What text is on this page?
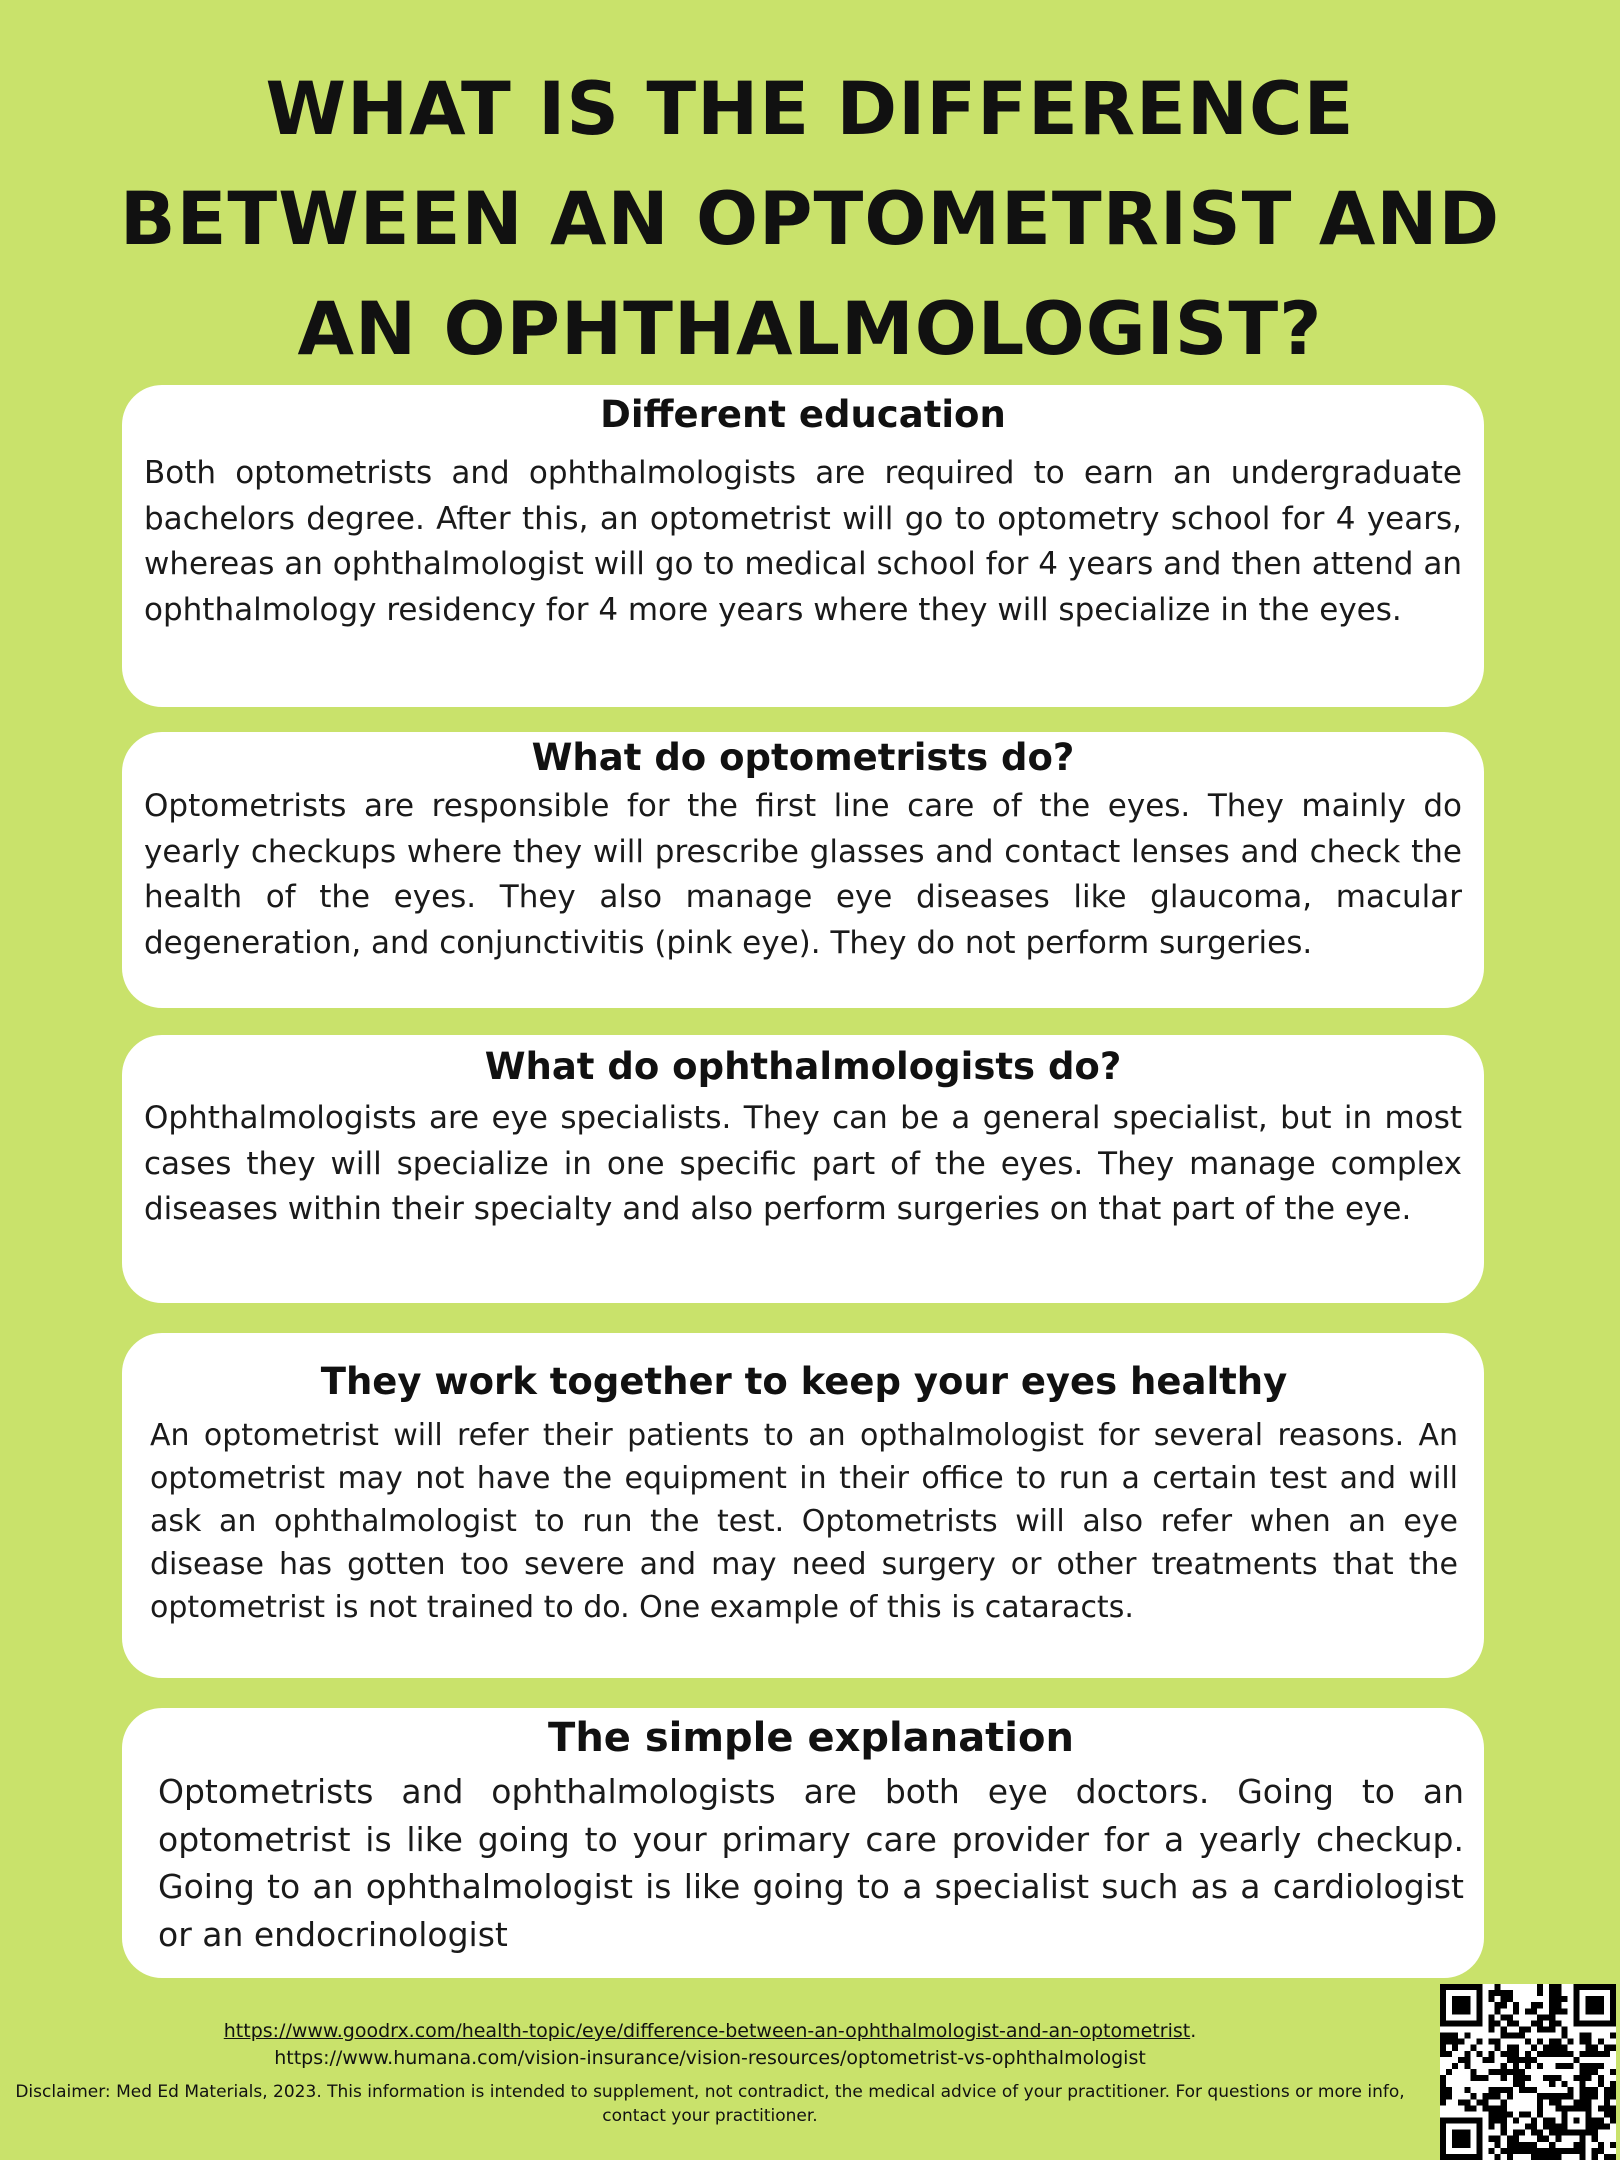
WHAT IS THE DIFFERENCE BETWEEN AN OPTOMETRIST AND AN OPHTHALMOLOGIST?
Different education

Both optometrists and ophthalmologists are required to earn an undergraduate bachelors degree. After this, an optometrist will go to optometry school for 4 years, whereas an ophthalmologist will go to medical school for 4 years and then attend an ophthalmology residency for 4 more years where they will specialize in the eyes.

What do optometrists do?

Optometrists are responsible for the first line care of the eyes. They mainly do yearly checkups where they will prescribe glasses and contact lenses and check the health of the eyes. They also manage eye diseases like glaucoma, macular degeneration, and conjunctivitis (pink eye). They do not perform surgeries.

What do ophthalmologists do?

Ophthalmologists are eye specialists. They can be a general specialist, but in most cases they will specialize in one specific part of the eyes. They manage complex diseases within their specialty and also perform surgeries on that part of the eye.

They work together to keep your eyes healthy

An optometrist will refer their patients to an opthalmologist for several reasons. An optometrist may not have the equipment in their office to run a certain test and will ask an ophthalmologist to run the test. Optometrists will also refer when an eye disease has gotten too severe and may need surgery or other treatments that the optometrist is not trained to do. One example of this is cataracts.

The simple explanation

Optometrists and ophthalmologists are both eye doctors. Going to an optometrist is like going to your primary care provider for a yearly checkup. Going to an ophthalmologist is like going to a specialist such as a cardiologist or an endocrinologist

https://www.goodrx.com/health-topic/eye/difference-between-an-ophthalmologist-and-an-optometrist.
https://www.humana.com/vision-insurance/vision-resources/optometrist-vs-ophthalmologist
Disclaimer: Med Ed Materials, 2023. This information is intended to supplement, not contradict, the medical advice of your practitioner. For questions or more info, contact your practitioner.
